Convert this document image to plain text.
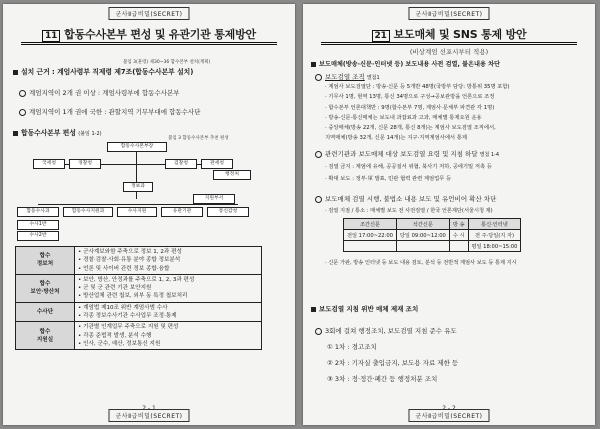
군사Ⅱ급비밀(SECRET)
11 합동수사본부 편성 및 유관기관 통제방안
불임 3(훈령) 제30~36 합수본부 설치(계획)
설치 근거 : 계엄사령부 직제령 제7조(합동수사본부 설치)
계엄지역이 2개 권 이상 : 계엄사령부에 합동수사본부
계엄지역이 1개 권에 국한 : 관할지역 기무부대에 합동수사단
합동수사본부 편성 (불임 1-2)
불임 3 합동수사본부 추천 편성
합동수사본부장
국세청	경찰청	검찰청	관세청
행정처
정보과
지원부서
합동수사과	합동수사지원과	수사지원	유관기관	통신감청
수사1반
수사2반
합수
정보처	• 군사계보와함 주축으로 정보 1, 2과 편성
• 경찰·검찰·사회·유통 분야 종합 정보분석
• 언론 및 사이버 관련 정보 종합·융합
합수
보안·방산처	• 보안, 방산, 안정과를 주축으로 1, 2, 3과 편성
• 군 및 군 관련 기관 보안지원
• 방산업체 관련 첩보, 외부 동 특정 첩보처리
수사단	• 계엄법 제10조 위반 계엄사범 수사
• 각종 정보수사기관 수사업무 조정·통제
합수
지원실	• 기관별 인계업무 주축으로 지원 및 편성
• 각종 준법적 발생, 분석 수행
• 인사, 군수, 예산, 정보통신 지원
2 - 1
군사Ⅱ급비밀(SECRET)
군사Ⅱ급비밀(SECRET)
21 보도매체 및 SNS 통제 방안
(비상계엄 선포시부터 적용)
보도매체(방송·신문·인터넷 등) 보도내용 사전 검열, 불온내용 차단
보도검열 조직 별첨1
· 계엄사 보도검열단 : 방송·신문 등 5개반 48명(국방부 담당: 방통위 35명 포함)
· 기무사 1명, 현역 13명, 통신 34명으로 구성→공보관방을 언론으로 조정
· 합수본부 언론대책반 : 9명(합수본부 7명, 계엄사·문체부 파견관 각 1명)
· 방송·신문·통신매체는 보도내 과잡료과 고과, 매체별 통제요원 운용
· 중앙매체(방송 22개, 신문 28개, 통신 8개)는 계엄사 보도검열 조직에서,
지역매체(방송 32개, 신문 14개)는 지구·지역계엄사에서 통제
관련기관과 보도매체 대상 보도검열 요령 및 지침 하달 별첨 1-4
· 검열 금지 : 계엄에 유해, 공공질서 위협, 북사기 저하, 공에기밀 저촉 등
· 확대 보도 : 정부·軍 발표, 민관 협력 관련 계엄업무 등
보도매체 검열 시행, 불법소 내용 보도 및 유언비어 확산 차단
· 검열 지점 / 통소 : 매체별 보도 전 사전검열 / 한국 언론재단(서울시청 제)
조간신문	석간신문	방 송	통신·인터넷
전일 17:00~22:00	당일 09:00~12:00	수 시	전 주·당일(지 자)
			평일 18:00~15:00
· 신문 가판, 방송 인터넷 등 보도 내용 검토, 분석 등 전반적 계엄사 보도 등 통제 지시
보도검열 지침 위반 매체 제재 조치
3회에 걸쳐 행정조치, 보도검열 지침 준수 유도
① 1차 : 경고조치
② 2차 : 기자실 출입금지, 보도용 자료 제한 등
③ 3차 : 정·정간·폐간 등 행정처분 조치
2 - 2
군사Ⅱ급비밀(SECRET)
